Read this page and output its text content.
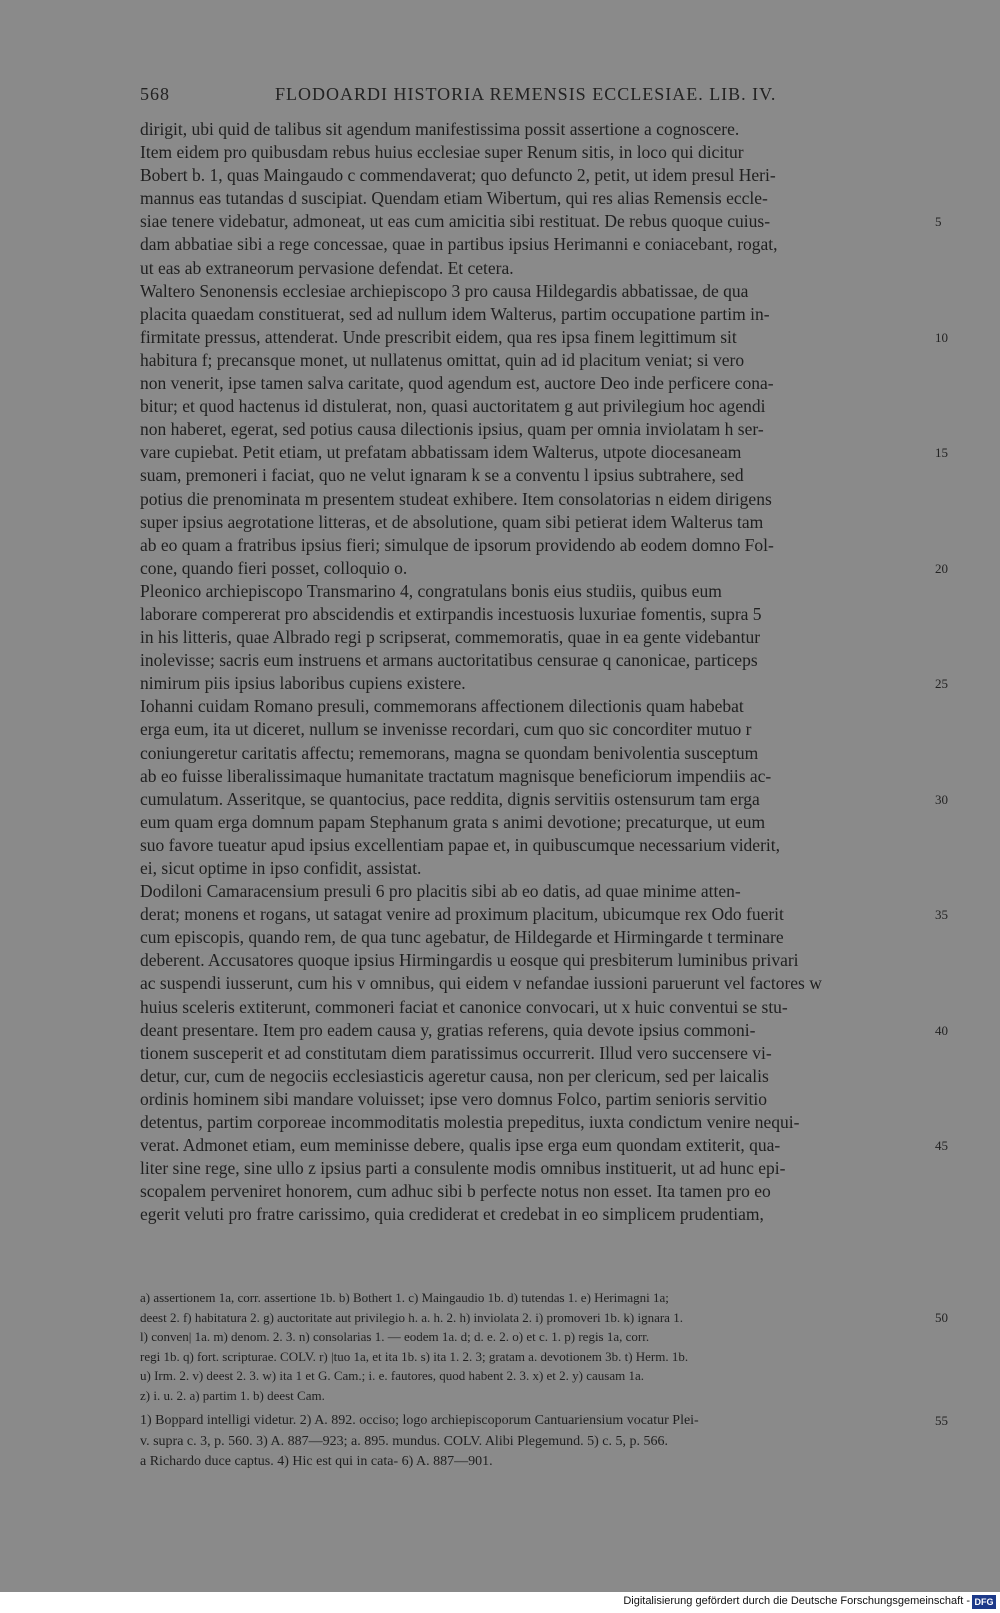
568	FLODOARDI HISTORIA REMENSIS ECCLESIAE. LIB. IV.
dirigit, ubi quid de talibus sit agendum manifestissima possit assertione a cognoscere.
Item eidem pro quibusdam rebus huius ecclesiae super Renum sitis, in loco qui dicitur
Bobert b. 1, quas Maingaudo c commendaverat; quo defuncto 2, petit, ut idem presul Heri-
mannus eas tutandas d suscipiat. Quendam etiam Wibertum, qui res alias Remensis eccle-
siae tenere videbatur, admoneat, ut eas cum amicitia sibi restituat. De rebus quoque cuius-	5
dam abbatiae sibi a rege concessae, quae in partibus ipsius Herimanni e coniacebant, rogat,
ut eas ab extraneorum pervasione defendat. Et cetera.
Waltero Senonensis ecclesiae archiepiscopo 3 pro causa Hildegardis abbatissae, de qua
placita quaedam constituerat, sed ad nullum idem Walterus, partim occupatione partim in-
firmitate pressus, attenderat. Unde prescribit eidem, qua res ipsa finem legittimum sit	10
habitura f; precansque monet, ut nullatenus omittat, quin ad id placitum veniat; si vero
non venerit, ipse tamen salva caritate, quod agendum est, auctore Deo inde perficere cona-
bitur; et quod hactenus id distulerat, non, quasi auctoritatem g aut privilegium hoc agendi
non haberet, egerat, sed potius causa dilectionis ipsius, quam per omnia inviolatam h ser-
vare cupiebat. Petit etiam, ut prefatam abbatissam idem Walterus, utpote diocesaneam	15
suam, premoneri i faciat, quo ne velut ignaram k se a conventu l ipsius subtrahere, sed
potius die prenominata m presentem studeat exhibere. Item consolatorias n eidem dirigens
super ipsius aegrotatione litteras, et de absolutione, quam sibi petierat idem Walterus tam
ab eo quam a fratribus ipsius fieri; simulque de ipsorum providendo ab eodem domno Fol-
cone, quando fieri posset, colloquio o.	20
Pleonico archiepiscopo Transmarino 4, congratulans bonis eius studiis, quibus eum
laborare compererat pro abscidendis et extirpandis incestuosis luxuriae fomentis, supra 5
in his litteris, quae Albrado regi p scripserat, commemoratis, quae in ea gente videbantur
inolevisse; sacris eum instruens et armans auctoritatibus censurae q canonicae, particeps
nimirum piis ipsius laboribus cupiens existere.	25
Iohanni cuidam Romano presuli, commemorans affectionem dilectionis quam habebat
erga eum, ita ut diceret, nullum se invenisse recordari, cum quo sic concorditer mutuo r
coniungeretur caritatis affectu; rememorans, magna se quondam benivolentia susceptum
ab eo fuisse liberalissimaque humanitate tractatum magnisque beneficiorum impendiis ac-
cumulatum. Asseritque, se quantocius, pace reddita, dignis servitiis ostensurum tam erga	30
eum quam erga domnum papam Stephanum grata s animi devotione; precaturque, ut eum
suo favore tueatur apud ipsius excellentiam papae et, in quibuscumque necessarium viderit,
ei, sicut optime in ipso confidit, assistat.
Dodiloni Camaracensium presuli 6 pro placitis sibi ab eo datis, ad quae minime atten-
derat; monens et rogans, ut satagat venire ad proximum placitum, ubicumque rex Odo fuerit	35
cum episcopis, quando rem, de qua tunc agebatur, de Hildegarde et Hirmingarde t terminare
deberent. Accusatores quoque ipsius Hirmingardis u eosque qui presbiterum luminibus privari
ac suspendi iusserunt, cum his v omnibus, qui eidem v nefandae iussioni paruerunt vel factores w
huius sceleris extiterunt, commoneri faciat et canonice convocari, ut x huic conventui se stu-
deant presentare. Item pro eadem causa y, gratias referens, quia devote ipsius commoni-	40
tionem susceperit et ad constitutam diem paratissimus occurrerit. Illud vero succensere vi-
detur, cur, cum de negociis ecclesiasticis ageretur causa, non per clericum, sed per laicalis
ordinis hominem sibi mandare voluisset; ipse vero domnus Folco, partim senioris servitio
detentus, partim corporeae incommoditatis molestia prepeditus, iuxta condictum venire nequi-
verat. Admonet etiam, eum meminisse debere, qualis ipse erga eum quondam extiterit, qua-	45
liter sine rege, sine ullo z ipsius parti a consulente modis omnibus instituerit, ut ad hunc epi-
scopalem perveniret honorem, cum adhuc sibi b perfecte notus non esset. Ita tamen pro eo
egerit veluti pro fratre carissimo, quia crediderat et credebat in eo simplicem prudentiam,
a) assertionem 1a, corr. assertione 1b. b) Bothert 1. c) Maingaudio 1b. d) tutendas 1. e) Herimagni 1a;
deest 2. f) habitatura 2. g) auctoritate aut privilegio h. a. h. 2. h) inviolata 2. i) promoveri 1b. k) ignara 1.	50
l) conven| 1a. m) denom. 2. 3. n) consolarias 1. — eodem 1a. d; d. e. 2. o) et c. 1. p) regis 1a, corr.
regi 1b. q) fort. scripturae. COLV. r) |tuo 1a, et ita 1b. s) ita 1. 2. 3; gratam a. devotionem 3b. t) Herm. 1b.
u) Irm. 2. v) deest 2. 3. w) ita 1 et G. Cam.; i. e. fautores, quod habent 2. 3. x) et 2. y) causam 1a.
z) i. u. 2. a) partim 1. b) deest Cam.
1) Boppard intelligi videtur. 2) A. 892. occiso; logo archiepiscoporum Cantuariensium vocatur Plei-	55
v. supra c. 3, p. 560. 3) A. 887—923; a. 895. mundus. COLV. Alibi Plegemund. 5) c. 5, p. 566.
a Richardo duce captus. 4) Hic est qui in cata- 6) A. 887—901.
Digitalisierung gefördert durch die Deutsche Forschungsgemeinschaft - DFG
